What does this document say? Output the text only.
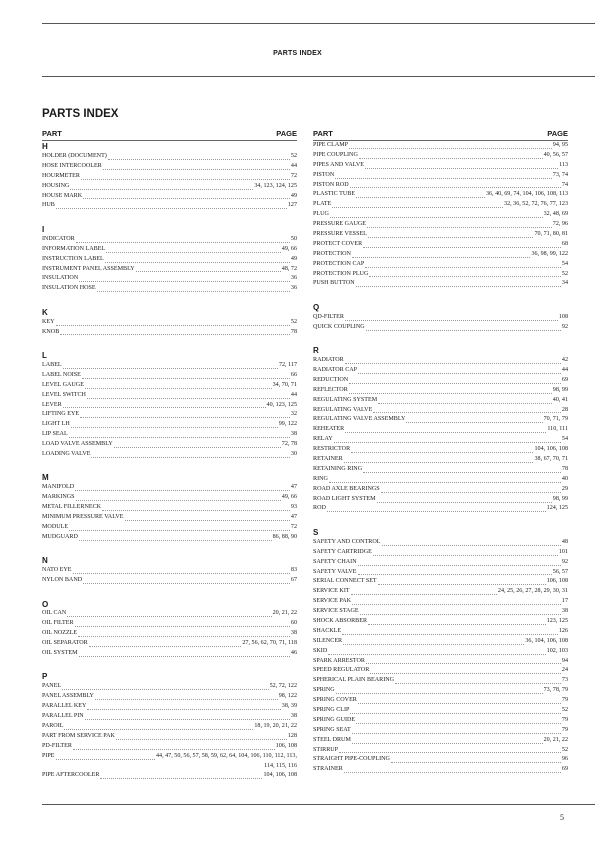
PARTS INDEX
PARTS INDEX
PART	PAGE
H
HOLDER (DOCUMENT)	52
HOSE INTERCOOLER	44
HOURMETER	72
HOUSING	34, 123, 124, 125
HOUSE MARK	49
HUB	127
I
INDICATOR	50
INFORMATION LABEL	49, 66
INSTRUCTION LABEL	49
INSTRUMENT PANEL ASSEMBLY	48, 72
INSULATION	36
INSULATION HOSE	36
K
KEY	52
KNOB	78
L
LABEL	72, 117
LABEL NOISE	66
LEVEL GAUGE	34, 70, 71
LEVEL SWITCH	44
LEVER	40, 123, 125
LIFTING EYE	32
LIGHT LH	99, 122
LIP SEAL	38
LOAD VALVE ASSEMBLY	72, 78
LOADING VALVE	30
M
MANIFOLD	47
MARKINGS	49, 66
METAL FILLERNECK	93
MINIMUM PRESSURE VALVE	47
MODULE	72
MUDGUARD	86, 88, 90
N
NATO EYE	83
NYLON BAND	67
O
OIL CAN	20, 21, 22
OIL FILTER	60
OIL NOZZLE	38
OIL SEPARATOR	27, 56, 62, 70, 71, 118
OIL SYSTEM	46
P
PANEL	52, 72, 122
PANEL ASSEMBLY	98, 122
PARALLEL KEY	38, 39
PARALLEL PIN	38
PAROIL	18, 19, 20, 21, 22
PART FROM SERVICE PAK	128
PD-FILTER	106, 108
PIPE	44, 47, 50, 56, 57, 58, 59, 62, 64, 104, 106, 110, 112, 113,
114, 115, 116
PIPE AFTERCOOLER	104, 106, 108
PART	PAGE
PIPE CLAMP	94, 95
PIPE COUPLING	40, 56, 57
PIPES AND VALVE	113
PISTON	73, 74
PISTON ROD	74
PLASTIC TUBE	36, 40, 69, 74, 104, 106, 108, 113
PLATE	32, 36, 52, 72, 76, 77, 123
PLUG	32, 48, 69
PRESSURE GAUGE	72, 96
PRESSURE VESSEL	70, 71, 80, 81
PROTECT COVER	68
PROTECTION	36, 98, 99, 122
PROTECTION CAP	54
PROTECTION PLUG	52
PUSH BUTTON	34
Q
QD-FILTER	108
QUICK COUPLING	92
R
RADIATOR	42
RADIATOR CAP	44
REDUCTION	69
REFLECTOR	98, 99
REGULATING SYSTEM	40, 41
REGULATING VALVE	28
REGULATING VALVE ASSEMBLY	70, 71, 79
REHEATER	110, 111
RELAY	54
RESTRICTOR	104, 106, 108
RETAINER	38, 67, 70, 71
RETAINING RING	78
RING	40
ROAD AXLE BEARINGS	29
ROAD LIGHT SYSTEM	98, 99
ROD	124, 125
S
SAFETY AND CONTROL	48
SAFETY CARTRIDGE	101
SAFETY CHAIN	92
SAFETY VALVE	56, 57
SERIAL CONNECT SET	106, 108
SERVICE KIT	24, 25, 26, 27, 28, 29, 30, 31
SERVICE PAK	17
SERVICE STAGE	38
SHOCK ABSORBER	123, 125
SHACKLE	126
SILENCER	36, 104, 106, 108
SKID	102, 103
SPARK ARRESTOR	94
SPEED REGULATOR	24
SPHERICAL PLAIN BEARING	73
SPRING	73, 78, 79
SPRING COVER	79
SPRING CLIP	52
SPRING GUIDE	79
SPRING SEAT	79
STEEL DRUM	20, 21, 22
STIRRUP	52
STRAIGHT PIPE-COUPLING	96
STRAINER	69
5
